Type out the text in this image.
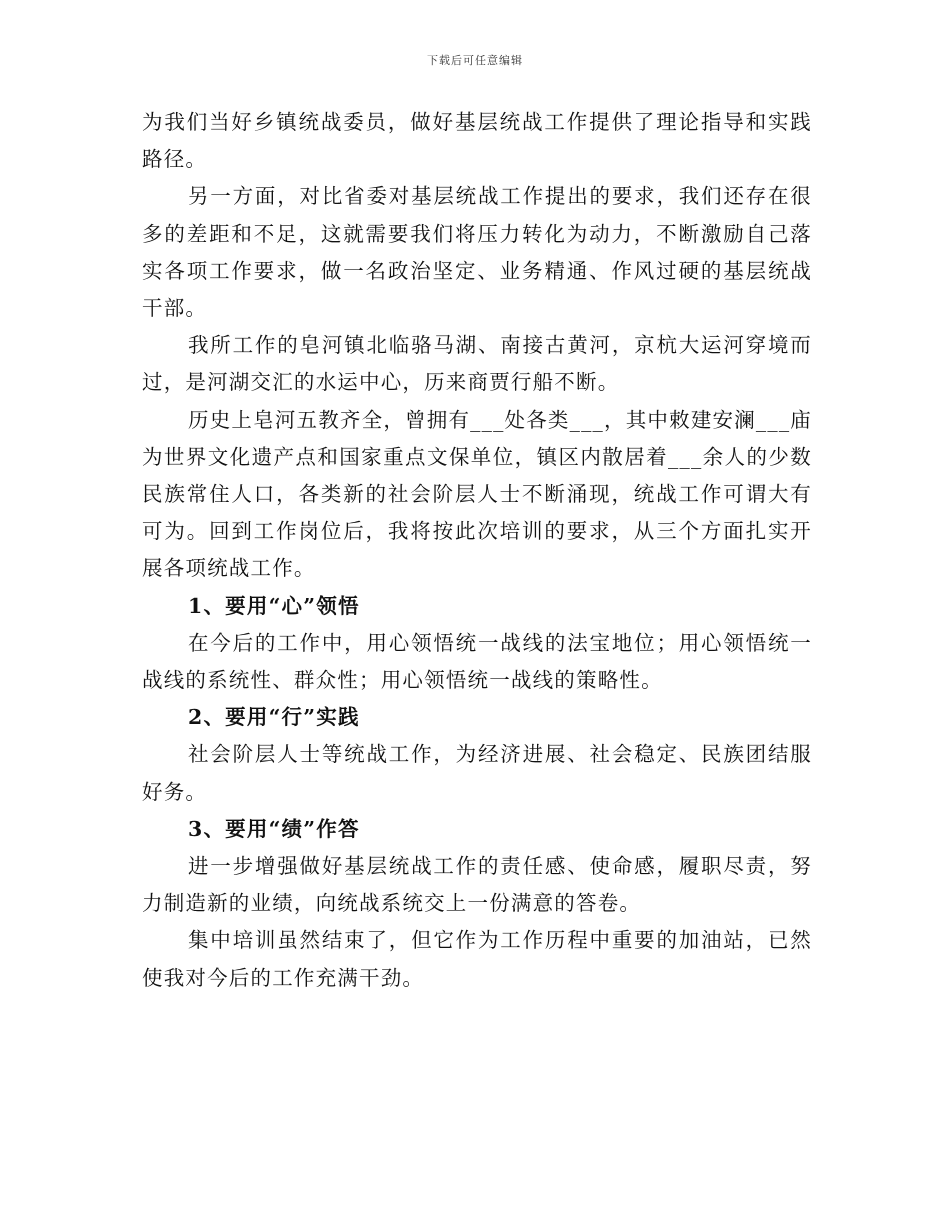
下载后可任意编辑

为我们当好乡镇统战委员，做好基层统战工作提供了理论指导和实践路径。

另一方面，对比省委对基层统战工作提出的要求，我们还存在很多的差距和不足，这就需要我们将压力转化为动力，不断激励自己落实各项工作要求，做一名政治坚定、业务精通、作风过硬的基层统战干部。

我所工作的皂河镇北临骆马湖、南接古黄河，京杭大运河穿境而过，是河湖交汇的水运中心，历来商贾行船不断。

历史上皂河五教齐全，曾拥有___处各类___，其中敕建安澜___庙为世界文化遗产点和国家重点文保单位，镇区内散居着___余人的少数民族常住人口，各类新的社会阶层人士不断涌现，统战工作可谓大有可为。回到工作岗位后，我将按此次培训的要求，从三个方面扎实开展各项统战工作。

1、要用“心”领悟

在今后的工作中，用心领悟统一战线的法宝地位；用心领悟统一战线的系统性、群众性；用心领悟统一战线的策略性。

2、要用“行”实践

社会阶层人士等统战工作，为经济进展、社会稳定、民族团结服好务。

3、要用“绩”作答

进一步增强做好基层统战工作的责任感、使命感，履职尽责，努力制造新的业绩，向统战系统交上一份满意的答卷。

集中培训虽然结束了，但它作为工作历程中重要的加油站，已然使我对今后的工作充满干劲。
